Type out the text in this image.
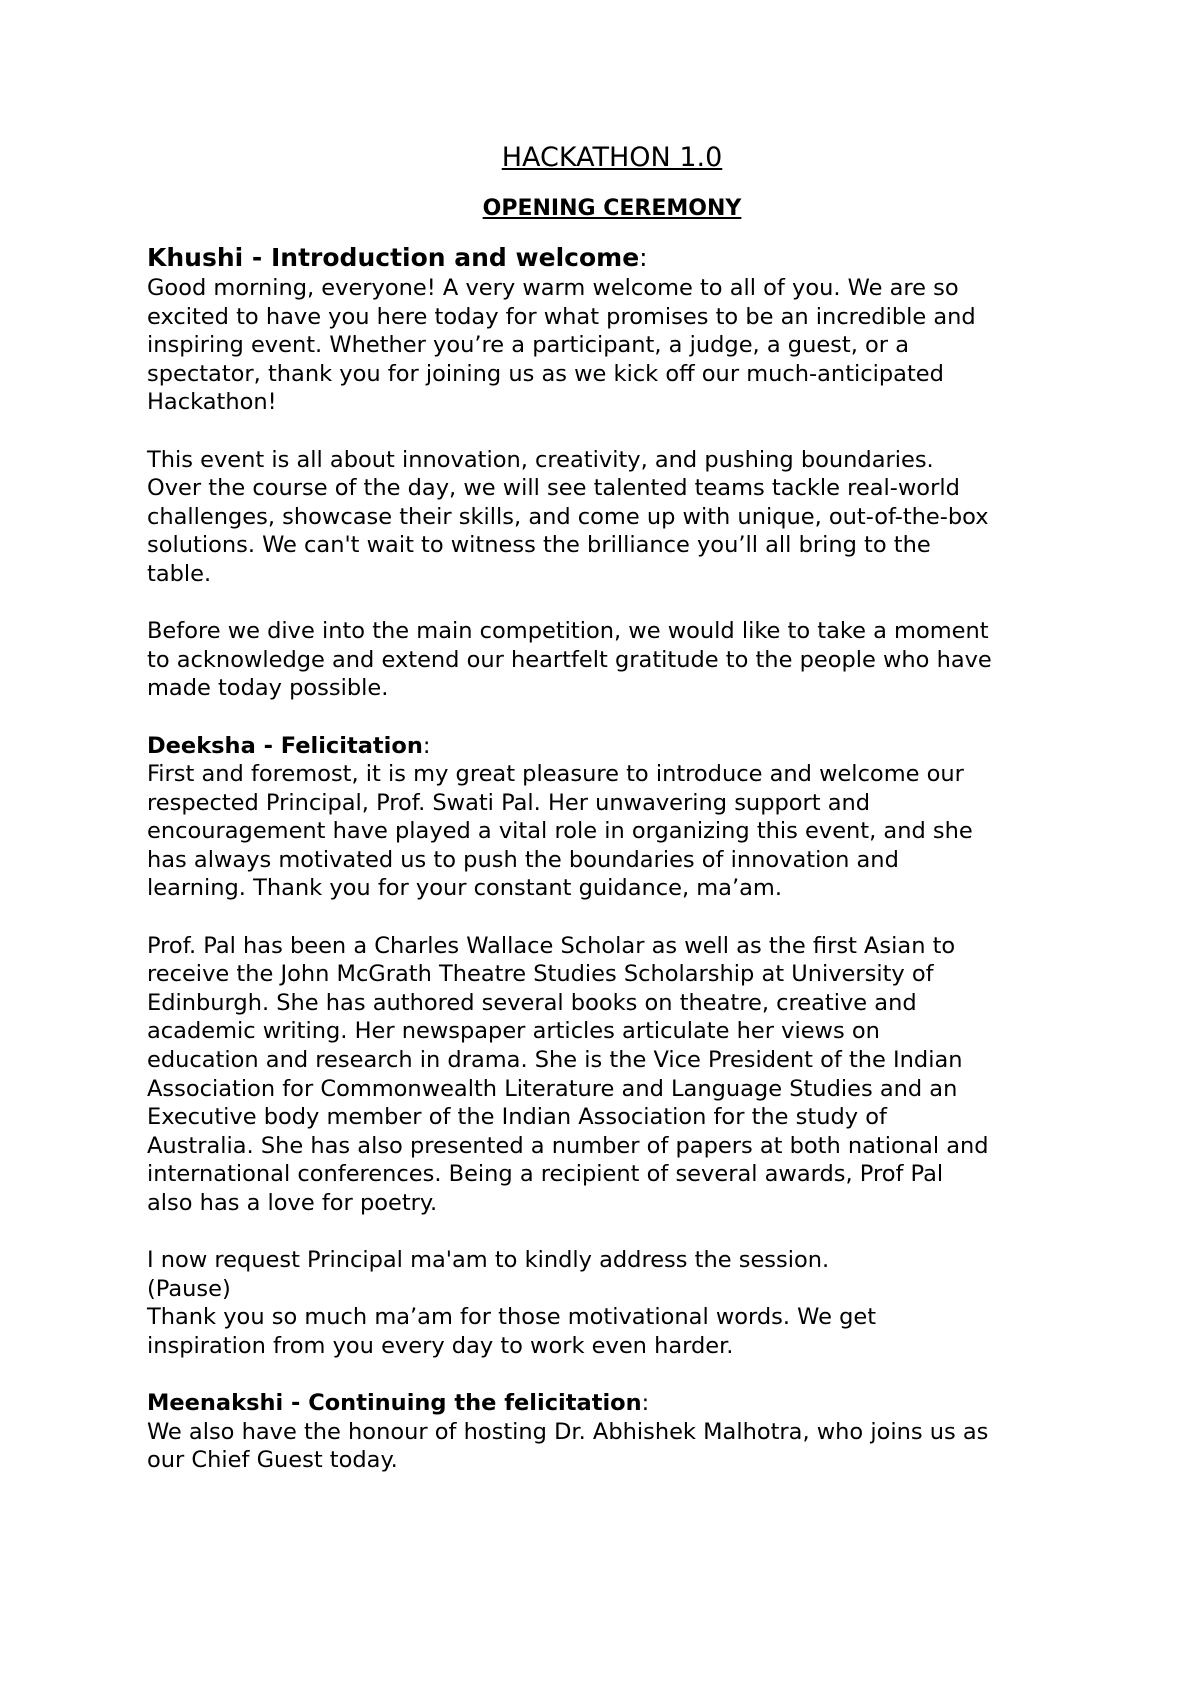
HACKATHON 1.0
OPENING CEREMONY

Khushi - Introduction and welcome:

Good morning, everyone! A very warm welcome to all of you. We are so
excited to have you here today for what promises to be an incredible and
inspiring event. Whether you’re a participant, a judge, a guest, or a
spectator, thank you for joining us as we kick off our much-anticipated
Hackathon!

This event is all about innovation, creativity, and pushing boundaries.
Over the course of the day, we will see talented teams tackle real-world
challenges, showcase their skills, and come up with unique, out-of-the-box
solutions. We can't wait to witness the brilliance you’ll all bring to the
table.

Before we dive into the main competition, we would like to take a moment
to acknowledge and extend our heartfelt gratitude to the people who have
made today possible.

Deeksha - Felicitation:

First and foremost, it is my great pleasure to introduce and welcome our
respected Principal, Prof. Swati Pal. Her unwavering support and
encouragement have played a vital role in organizing this event, and she
has always motivated us to push the boundaries of innovation and
learning. Thank you for your constant guidance, ma’am.

Prof. Pal has been a Charles Wallace Scholar as well as the first Asian to
receive the John McGrath Theatre Studies Scholarship at University of
Edinburgh. She has authored several books on theatre, creative and
academic writing. Her newspaper articles articulate her views on
education and research in drama. She is the Vice President of the Indian
Association for Commonwealth Literature and Language Studies and an
Executive body member of the Indian Association for the study of
Australia. She has also presented a number of papers at both national and
international conferences. Being a recipient of several awards, Prof Pal
also has a love for poetry.

I now request Principal ma'am to kindly address the session.
(Pause)
Thank you so much ma’am for those motivational words. We get
inspiration from you every day to work even harder.

Meenakshi - Continuing the felicitation:

We also have the honour of hosting Dr. Abhishek Malhotra, who joins us as
our Chief Guest today.
